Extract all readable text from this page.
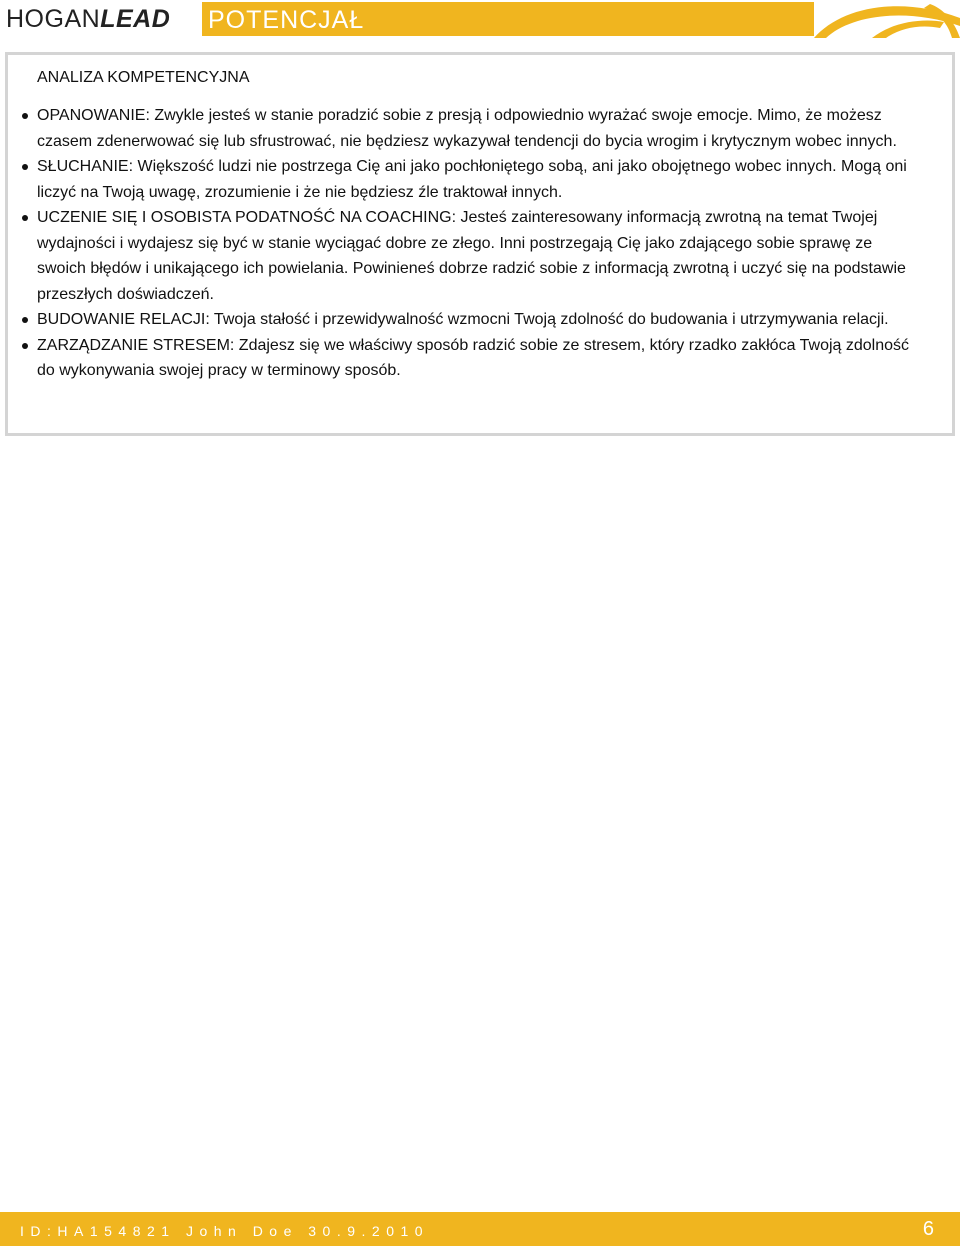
HOGANLEAD POTENCJAŁ
ANALIZA KOMPETENCYJNA
OPANOWANIE: Zwykle jesteś w stanie poradzić sobie z presją i odpowiednio wyrażać swoje emocje. Mimo, że możesz czasem zdenerwować się lub sfrustrować, nie będziesz wykazywał tendencji do bycia wrogim i krytycznym wobec innych.
SŁUCHANIE: Większość ludzi nie postrzega Cię ani jako pochłoniętego sobą, ani jako obojętnego wobec innych. Mogą oni liczyć na Twoją uwagę, zrozumienie i że nie będziesz źle traktował innych.
UCZENIE SIĘ I OSOBISTA PODATNOŚĆ NA COACHING: Jesteś zainteresowany informacją zwrotną na temat Twojej wydajności i wydajesz się być w stanie wyciągać dobre ze złego. Inni postrzegają Cię jako zdającego sobie sprawę ze swoich błędów i unikającego ich powielania. Powinieneś dobrze radzić sobie z informacją zwrotną i uczyć się na podstawie przeszłych doświadczeń.
BUDOWANIE RELACJI: Twoja stałość i przewidywalność wzmocni Twoją zdolność do budowania i utrzymywania relacji.
ZARZĄDZANIE STRESEM: Zdajesz się we właściwy sposób radzić sobie ze stresem, który rzadko zakłóca Twoją zdolność do wykonywania swojej pracy w terminowy sposób.
ID:HA154821 John Doe 30.9.2010	6
